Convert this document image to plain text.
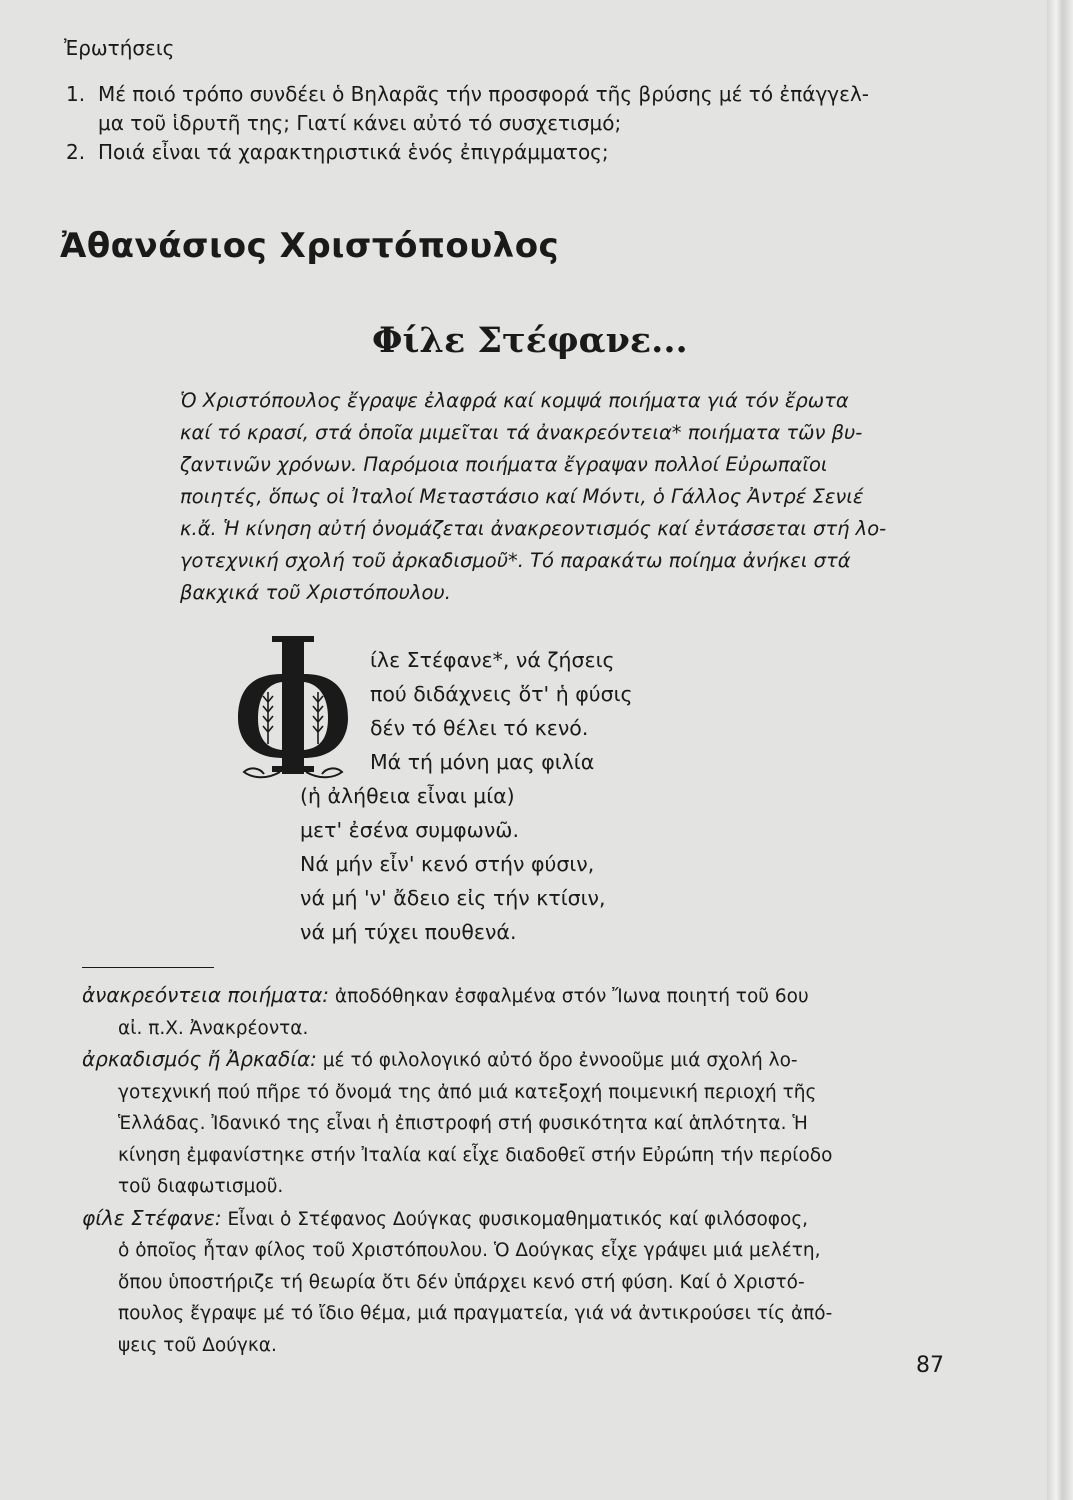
Ἐρωτήσεις
1. Μέ ποιό τρόπο συνδέει ὁ Βηλαρᾶς τήν προσφορά τῆς βρύσης μέ τό ἐπάγγελ-
μα τοῦ ἱδρυτῆ της; Γιατί κάνει αὐτό τό συσχετισμό;
2. Ποιά εἶναι τά χαρακτηριστικά ἑνός ἐπιγράμματος;
Ἀθανάσιος Χριστόπουλος
Φίλε Στέφανε...
Ὁ Χριστόπουλος ἔγραψε ἐλαφρά καί κομψά ποιήματα γιά τόν ἔρωτα
καί τό κρασί, στά ὁποῖα μιμεῖται τά ἀνακρεόντεια* ποιήματα τῶν βυ-
ζαντινῶν χρόνων. Παρόμοια ποιήματα ἔγραψαν πολλοί Εὐρωπαῖοι
ποιητές, ὅπως οἱ Ἰταλοί Μεταστάσιο καί Μόντι, ὁ Γάλλος Ἀντρέ Σενιέ
κ.ἄ. Ἡ κίνηση αὐτή ὀνομάζεται ἀνακρεοντισμός καί ἐντάσσεται στή λο-
γοτεχνική σχολή τοῦ ἀρκαδισμοῦ*. Τό παρακάτω ποίημα ἀνήκει στά
βακχικά τοῦ Χριστόπουλου.
ίλε Στέφανε*, νά ζήσεις
πού διδάχνεις ὅτ' ἡ φύσις
δέν τό θέλει τό κενό.
Μά τή μόνη μας φιλία
(ἡ ἀλήθεια εἶναι μία)
μετ' ἐσένα συμφωνῶ.
Νά μήν εἶν' κενό στήν φύσιν,
νά μή 'ν' ἄδειο εἰς τήν κτίσιν,
νά μή τύχει πουθενά.
ἀνακρεόντεια ποιήματα: ἀποδόθηκαν ἐσφαλμένα στόν Ἴωνα ποιητή τοῦ 6ου
αἰ. π.Χ. Ἀνακρέοντα.
ἀρκαδισμός ἤ Ἀρκαδία: μέ τό φιλολογικό αὐτό ὅρο ἐννοοῦμε μιά σχολή λο-
γοτεχνική πού πῆρε τό ὄνομά της ἀπό μιά κατεξοχή ποιμενική περιοχή τῆς
Ἑλλάδας. Ἰδανικό της εἶναι ἡ ἐπιστροφή στή φυσικότητα καί ἁπλότητα. Ἡ
κίνηση ἐμφανίστηκε στήν Ἰταλία καί εἶχε διαδοθεῖ στήν Εὐρώπη τήν περίοδο
τοῦ διαφωτισμοῦ.
φίλε Στέφανε: Εἶναι ὁ Στέφανος Δούγκας φυσικομαθηματικός καί φιλόσοφος,
ὁ ὁποῖος ἦταν φίλος τοῦ Χριστόπουλου. Ὁ Δούγκας εἶχε γράψει μιά μελέτη,
ὅπου ὑποστήριζε τή θεωρία ὅτι δέν ὑπάρχει κενό στή φύση. Καί ὁ Χριστό-
πουλος ἔγραψε μέ τό ἴδιο θέμα, μιά πραγματεία, γιά νά ἀντικρούσει τίς ἀπό-
ψεις τοῦ Δούγκα.
87
